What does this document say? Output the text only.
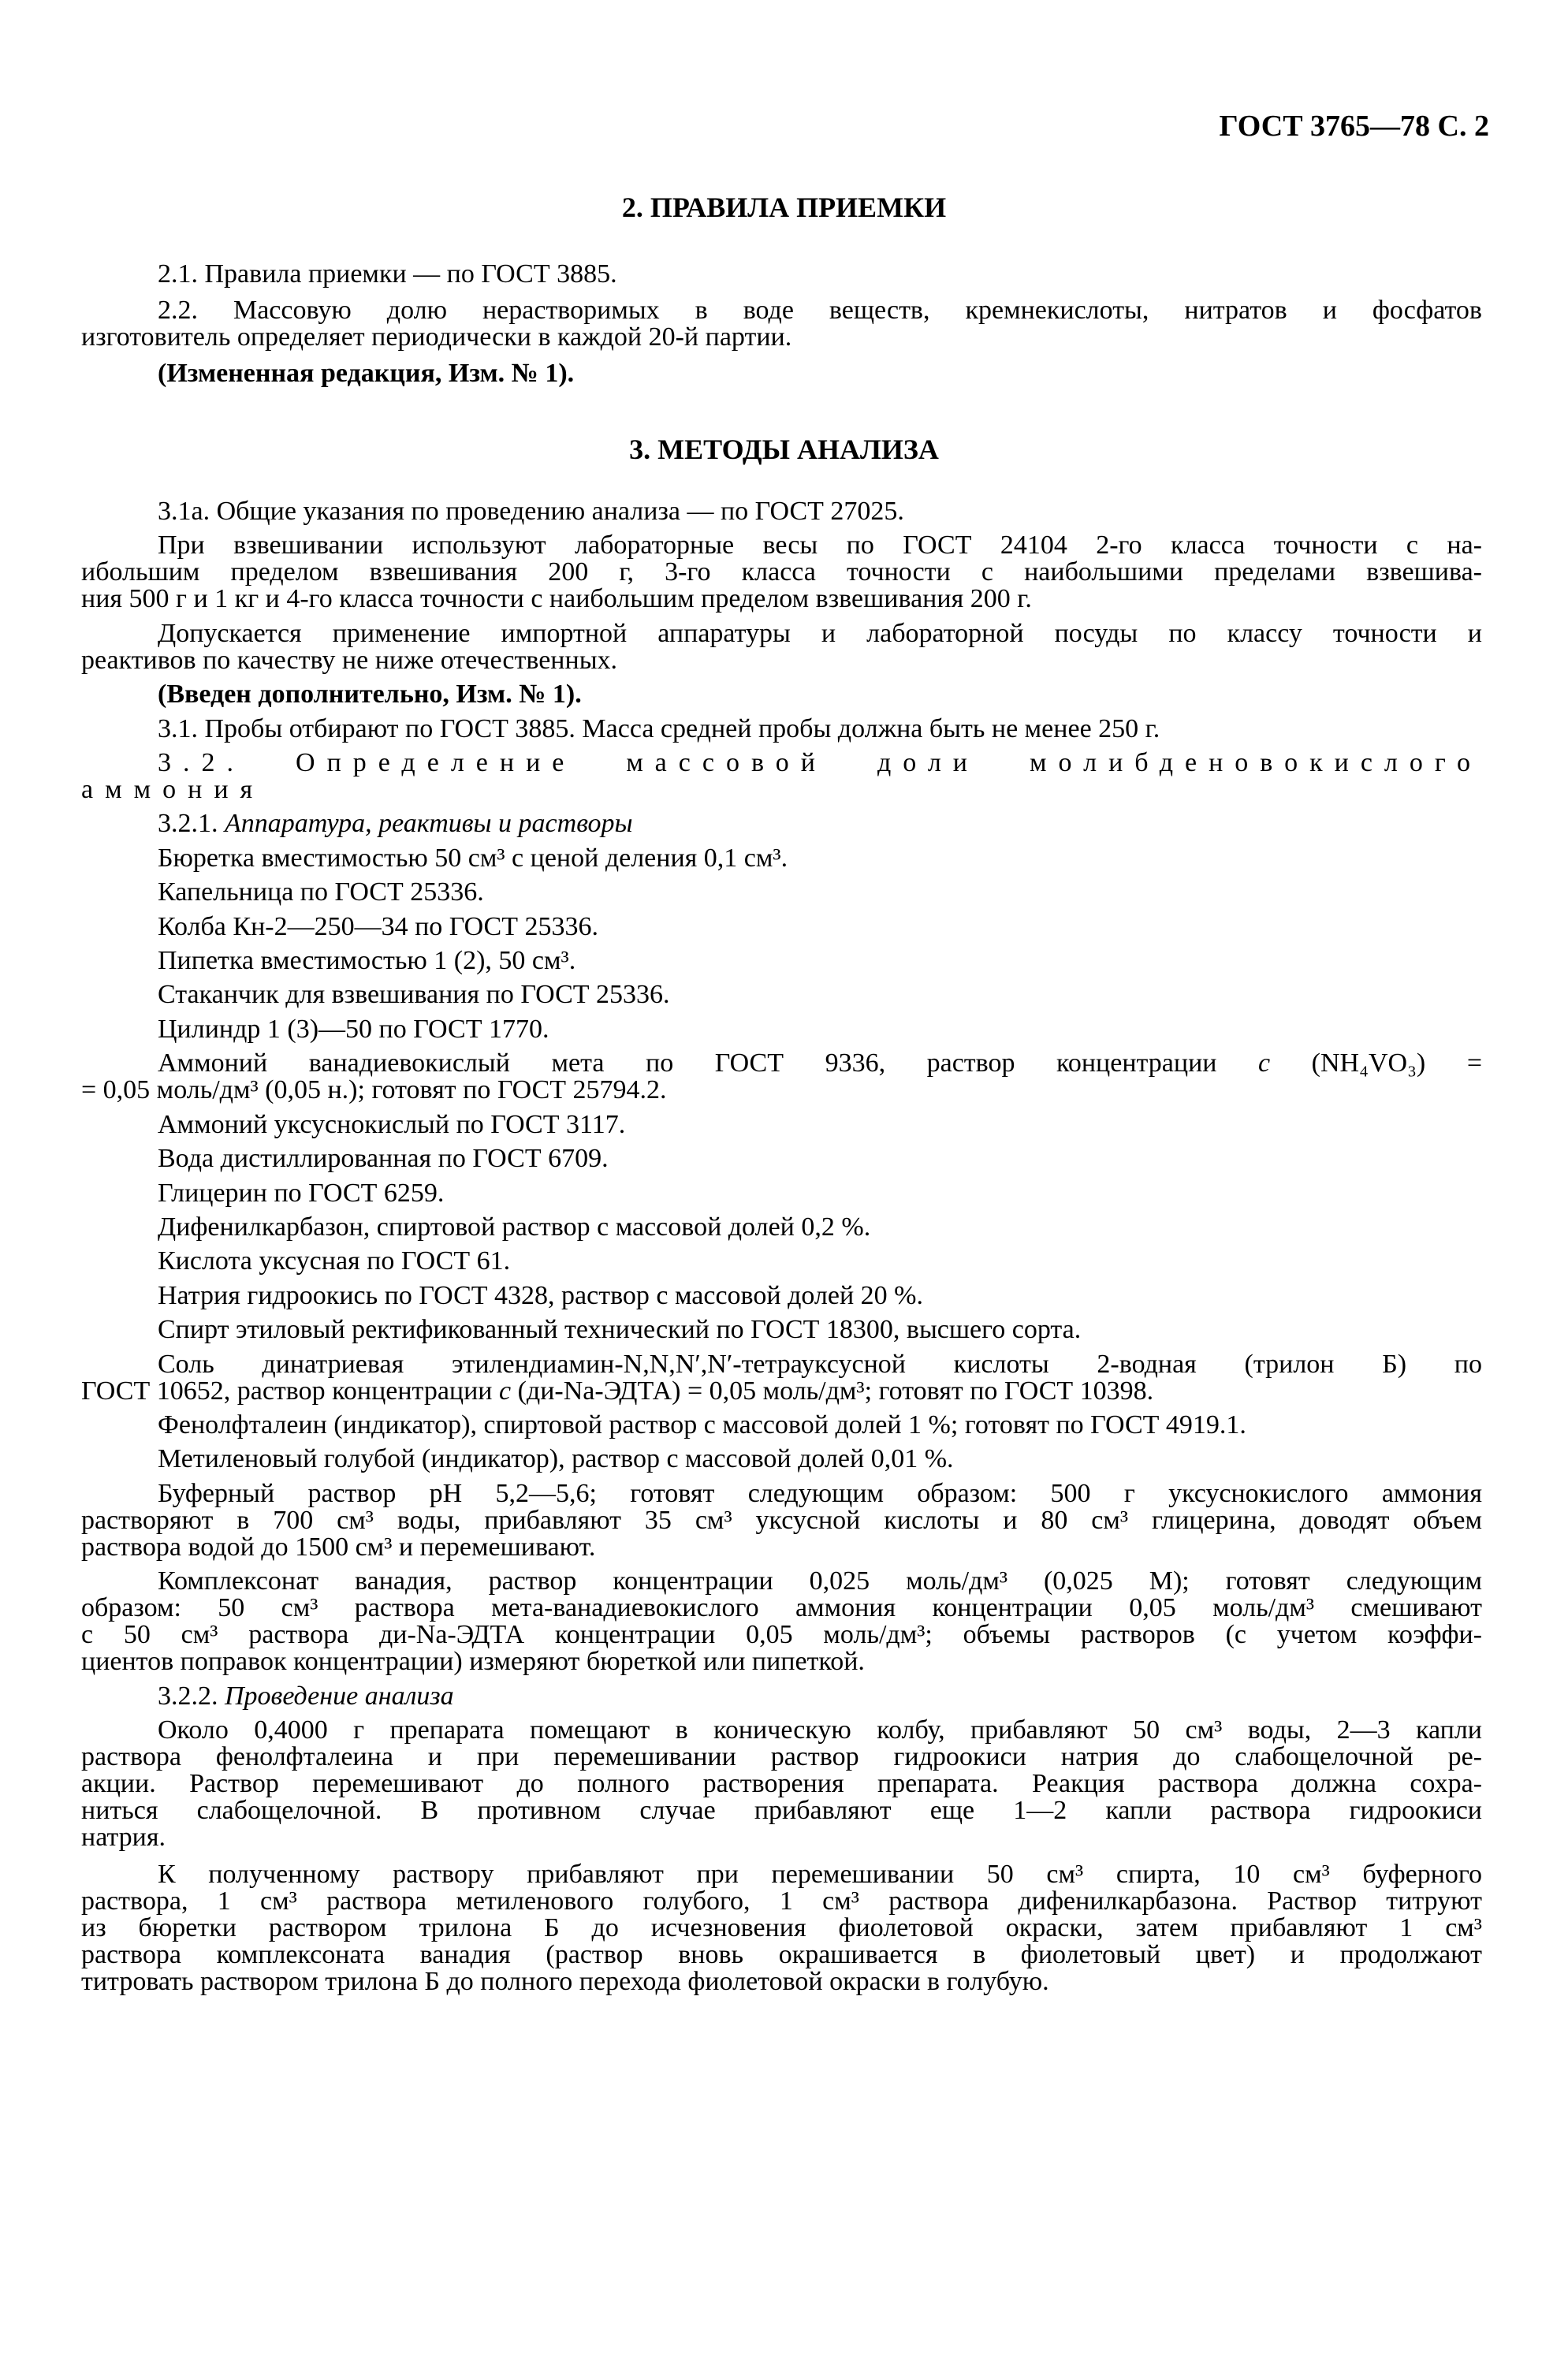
ГОСТ 3765—78 С. 2
2. ПРАВИЛА ПРИЕМКИ
2.1. Правила приемки — по ГОСТ 3885.
2.2. Массовую долю нерастворимых в воде веществ, кремнекислоты, нитратов и фосфатов
изготовитель определяет периодически в каждой 20-й партии.
(Измененная редакция, Изм. № 1).
3. МЕТОДЫ АНАЛИЗА
3.1а. Общие указания по проведению анализа — по ГОСТ 27025.
При взвешивании используют лабораторные весы по ГОСТ 24104 2-го класса точности с на-
ибольшим пределом взвешивания 200 г, 3-го класса точности с наибольшими пределами взвешива-
ния 500 г и 1 кг и 4-го класса точности с наибольшим пределом взвешивания 200 г.
Допускается применение импортной аппаратуры и лабораторной посуды по классу точности и
реактивов по качеству не ниже отечественных.
(Введен дополнительно, Изм. № 1).
3.1. Пробы отбирают по ГОСТ 3885. Масса средней пробы должна быть не менее 250 г.
3.2. Определение массовой доли молибденовокислого
аммония
3.2.1. Аппаратура, реактивы и растворы
Бюретка вместимостью 50 см³ с ценой деления 0,1 см³.
Капельница по ГОСТ 25336.
Колба Кн-2—250—34 по ГОСТ 25336.
Пипетка вместимостью 1 (2), 50 см³.
Стаканчик для взвешивания по ГОСТ 25336.
Цилиндр 1 (3)—50 по ГОСТ 1770.
Аммоний ванадиевокислый мета по ГОСТ 9336, раствор концентрации c (NH₄VO₃) =
= 0,05 моль/дм³ (0,05 н.); готовят по ГОСТ 25794.2.
Аммоний уксуснокислый по ГОСТ 3117.
Вода дистиллированная по ГОСТ 6709.
Глицерин по ГОСТ 6259.
Дифенилкарбазон, спиртовой раствор с массовой долей 0,2 %.
Кислота уксусная по ГОСТ 61.
Натрия гидроокись по ГОСТ 4328, раствор с массовой долей 20 %.
Спирт этиловый ректификованный технический по ГОСТ 18300, высшего сорта.
Соль динатриевая этилендиамин-N,N,N′,N′-тетрауксусной кислоты 2-водная (трилон Б) по
ГОСТ 10652, раствор концентрации c (ди-Na-ЭДТА) = 0,05 моль/дм³; готовят по ГОСТ 10398.
Фенолфталеин (индикатор), спиртовой раствор с массовой долей 1 %; готовят по ГОСТ 4919.1.
Метиленовый голубой (индикатор), раствор с массовой долей 0,01 %.
Буферный раствор pH 5,2—5,6; готовят следующим образом: 500 г уксуснокислого аммония
растворяют в 700 см³ воды, прибавляют 35 см³ уксусной кислоты и 80 см³ глицерина, доводят объем
раствора водой до 1500 см³ и перемешивают.
Комплексонат ванадия, раствор концентрации 0,025 моль/дм³ (0,025 М); готовят следующим
образом: 50 см³ раствора мета-ванадиевокислого аммония концентрации 0,05 моль/дм³ смешивают
с 50 см³ раствора ди-Na-ЭДТА концентрации 0,05 моль/дм³; объемы растворов (с учетом коэффи-
циентов поправок концентрации) измеряют бюреткой или пипеткой.
3.2.2. Проведение анализа
Около 0,4000 г препарата помещают в коническую колбу, прибавляют 50 см³ воды, 2—3 капли
раствора фенолфталеина и при перемешивании раствор гидроокиси натрия до слабощелочной ре-
акции. Раствор перемешивают до полного растворения препарата. Реакция раствора должна сохра-
ниться слабощелочной. В противном случае прибавляют еще 1—2 капли раствора гидроокиси
натрия.
К полученному раствору прибавляют при перемешивании 50 см³ спирта, 10 см³ буферного
раствора, 1 см³ раствора метиленового голубого, 1 см³ раствора дифенилкарбазона. Раствор титруют
из бюретки раствором трилона Б до исчезновения фиолетовой окраски, затем прибавляют 1 см³
раствора комплексоната ванадия (раствор вновь окрашивается в фиолетовый цвет) и продолжают
титровать раствором трилона Б до полного перехода фиолетовой окраски в голубую.
